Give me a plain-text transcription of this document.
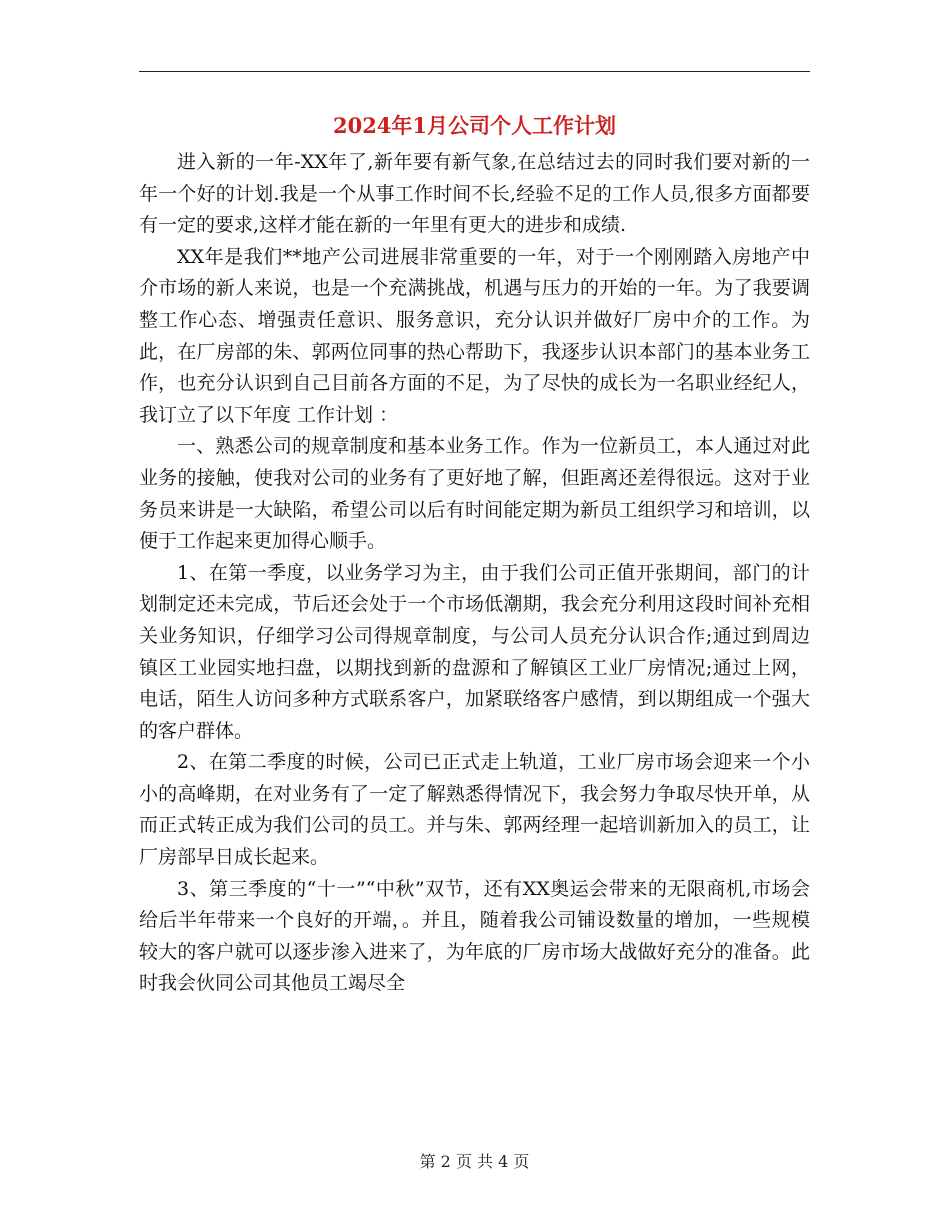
2024年1月公司个人工作计划

进入新的一年-XX年了,新年要有新气象,在总结过去的同时我们要对新的一年一个好的计划.我是一个从事工作时间不长,经验不足的工作人员,很多方面都要有一定的要求,这样才能在新的一年里有更大的进步和成绩.

XX年是我们**地产公司进展非常重要的一年，对于一个刚刚踏入房地产中介市场的新人来说，也是一个充满挑战，机遇与压力的开始的一年。为了我要调整工作心态、增强责任意识、服务意识，充分认识并做好厂房中介的工作。为此，在厂房部的朱、郭两位同事的热心帮助下，我逐步认识本部门的基本业务工作，也充分认识到自己目前各方面的不足，为了尽快的成长为一名职业经纪人，我订立了以下年度 工作计划 ：

一、熟悉公司的规章制度和基本业务工作。作为一位新员工，本人通过对此业务的接触，使我对公司的业务有了更好地了解，但距离还差得很远。这对于业务员来讲是一大缺陷，希望公司以后有时间能定期为新员工组织学习和培训，以便于工作起来更加得心顺手。

1、在第一季度，以业务学习为主，由于我们公司正值开张期间，部门的计划制定还未完成，节后还会处于一个市场低潮期，我会充分利用这段时间补充相关业务知识，仔细学习公司得规章制度，与公司人员充分认识合作;通过到周边镇区工业园实地扫盘，以期找到新的盘源和了解镇区工业厂房情况;通过上网，电话，陌生人访问多种方式联系客户，加紧联络客户感情，到以期组成一个强大的客户群体。

2、在第二季度的时候，公司已正式走上轨道，工业厂房市场会迎来一个小小的高峰期，在对业务有了一定了解熟悉得情况下，我会努力争取尽快开单，从而正式转正成为我们公司的员工。并与朱、郭两经理一起培训新加入的员工，让厂房部早日成长起来。

3、第三季度的“十一”“中秋”双节，还有XX奥运会带来的无限商机,市场会给后半年带来一个良好的开端，。并且，随着我公司铺设数量的增加，一些规模较大的客户就可以逐步渗入进来了，为年底的厂房市场大战做好充分的准备。此时我会伙同公司其他员工竭尽全

第 2 页 共 4 页
